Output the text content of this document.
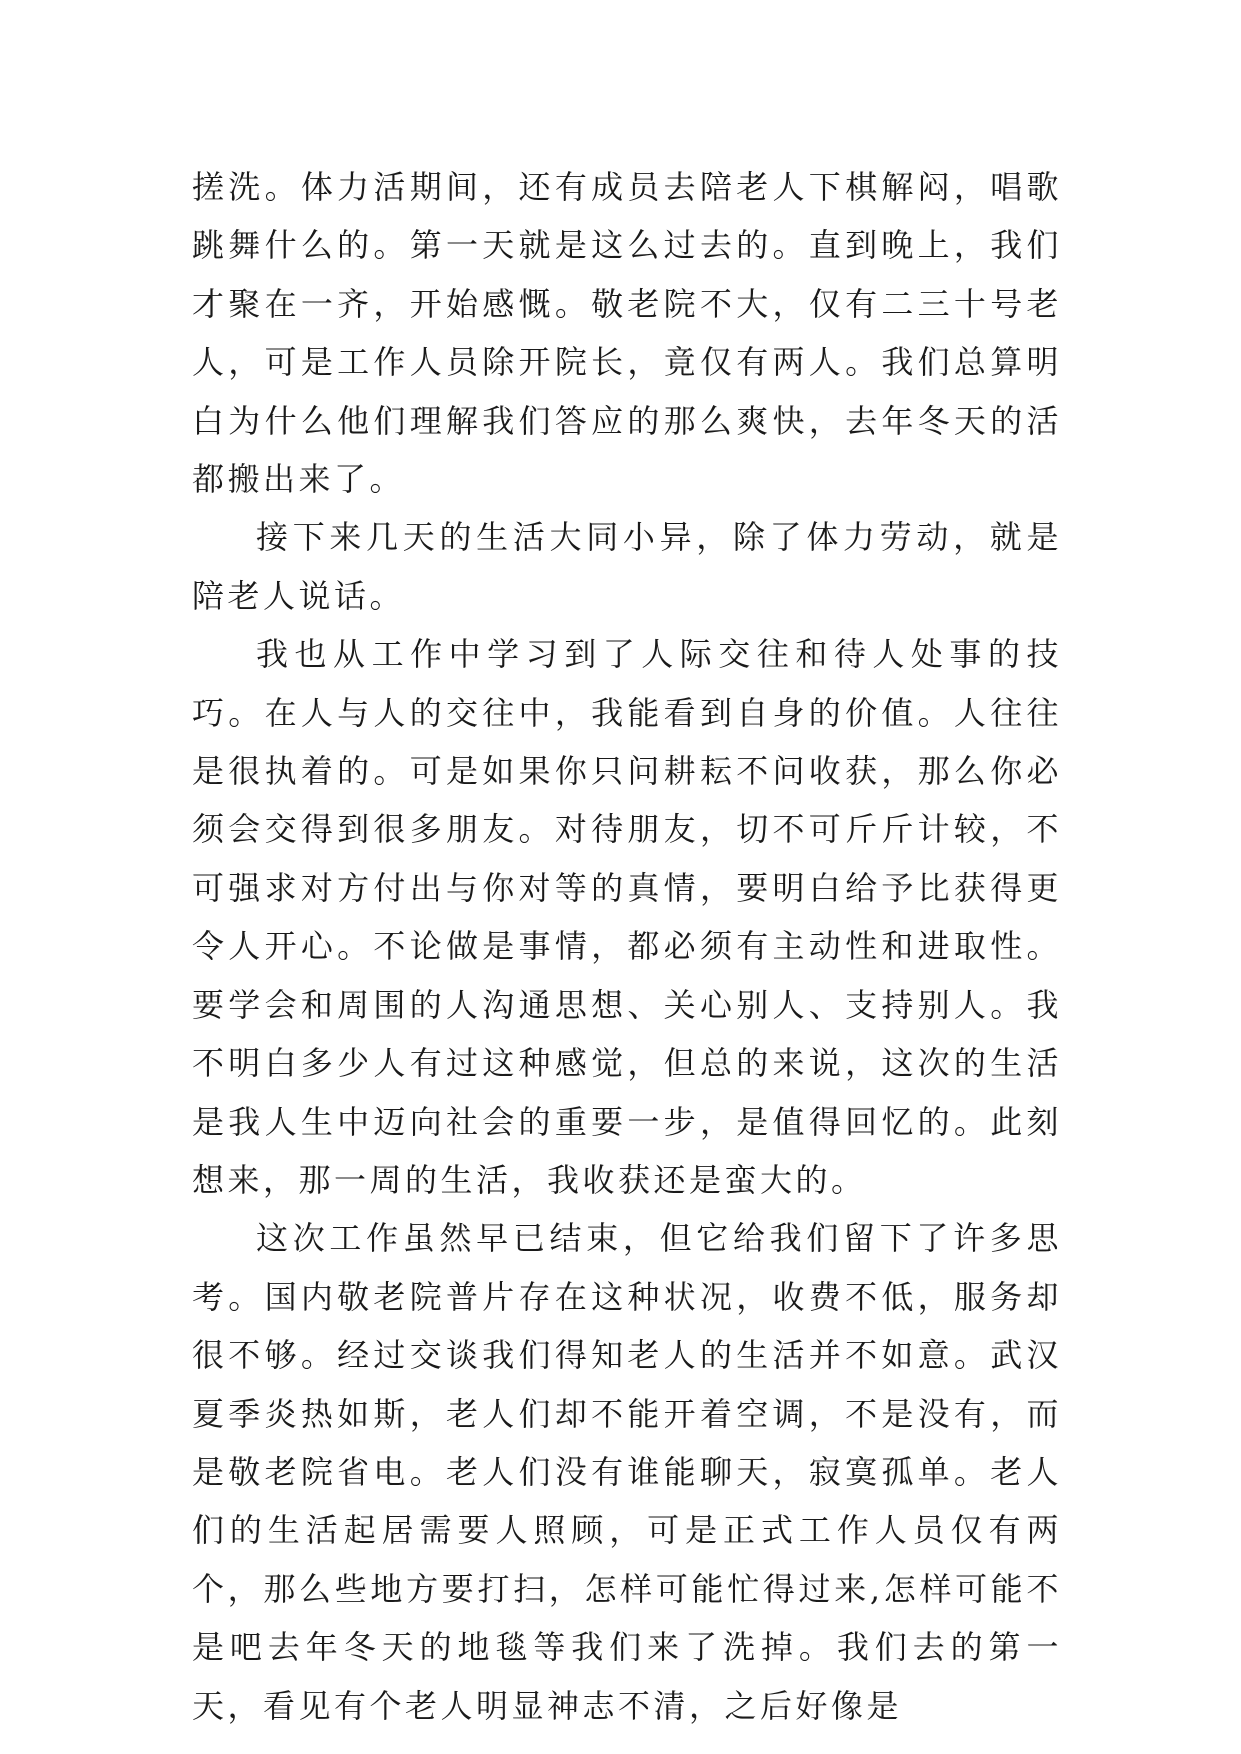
搓洗。体力活期间，还有成员去陪老人下棋解闷，唱歌跳舞什么的。第一天就是这么过去的。直到晚上，我们才聚在一齐，开始感慨。敬老院不大，仅有二三十号老人，可是工作人员除开院长，竟仅有两人。我们总算明白为什么他们理解我们答应的那么爽快，去年冬天的活都搬出来了。

接下来几天的生活大同小异，除了体力劳动，就是陪老人说话。

我也从工作中学习到了人际交往和待人处事的技巧。在人与人的交往中，我能看到自身的价值。人往往是很执着的。可是如果你只问耕耘不问收获，那么你必须会交得到很多朋友。对待朋友，切不可斤斤计较，不可强求对方付出与你对等的真情，要明白给予比获得更令人开心。不论做是事情，都必须有主动性和进取性。要学会和周围的人沟通思想、关心别人、支持别人。我不明白多少人有过这种感觉，但总的来说，这次的生活是我人生中迈向社会的重要一步，是值得回忆的。此刻想来，那一周的生活，我收获还是蛮大的。

这次工作虽然早已结束，但它给我们留下了许多思考。国内敬老院普片存在这种状况，收费不低，服务却很不够。经过交谈我们得知老人的生活并不如意。武汉夏季炎热如斯，老人们却不能开着空调，不是没有，而是敬老院省电。老人们没有谁能聊天，寂寞孤单。老人们的生活起居需要人照顾，可是正式工作人员仅有两个，那么些地方要打扫，怎样可能忙得过来,怎样可能不是吧去年冬天的地毯等我们来了洗掉。我们去的第一天，看见有个老人明显神志不清，之后好像是
